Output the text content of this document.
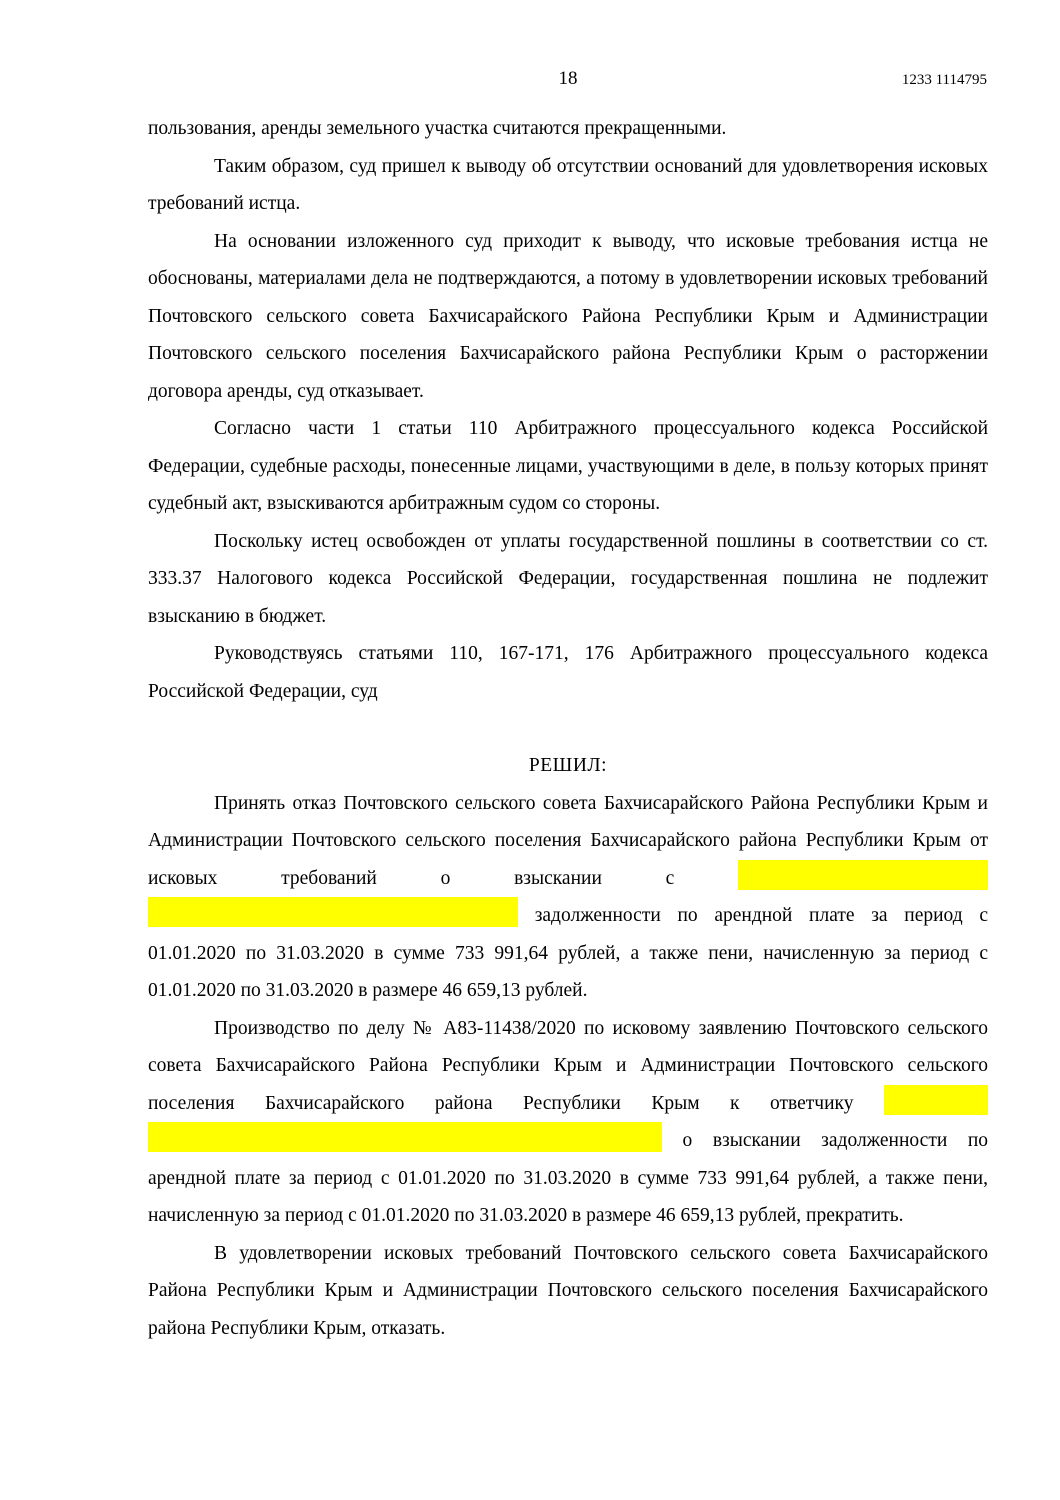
18	1233 1114795

пользования, аренды земельного участка считаются прекращенными.

Таким образом, суд пришел к выводу об отсутствии оснований для удовлетворения исковых требований истца.

На основании изложенного суд приходит к выводу, что исковые требования истца не обоснованы, материалами дела не подтверждаются, а потому в удовлетворении исковых требований Почтовского сельского совета Бахчисарайского Района Республики Крым и Администрации Почтовского сельского поселения Бахчисарайского района Республики Крым о расторжении договора аренды, суд отказывает.

Согласно части 1 статьи 110 Арбитражного процессуального кодекса Российской Федерации, судебные расходы, понесенные лицами, участвующими в деле, в пользу которых принят судебный акт, взыскиваются арбитражным судом со стороны.

Поскольку истец освобожден от уплаты государственной пошлины в соответствии со ст. 333.37 Налогового кодекса Российской Федерации, государственная пошлина не подлежит взысканию в бюджет.

Руководствуясь статьями 110, 167-171, 176 Арбитражного процессуального кодекса Российской Федерации, суд

РЕШИЛ:

Принять отказ Почтовского сельского совета Бахчисарайского Района Республики Крым и Администрации Почтовского сельского поселения Бахчисарайского района Республики Крым от исковых требований о взыскании с   задолженности по арендной плате за период с 01.01.2020 по 31.03.2020 в сумме 733 991,64 рублей, а также пени, начисленную за период с 01.01.2020 по 31.03.2020 в размере 46 659,13 рублей.

Производство по делу № А83-11438/2020 по исковому заявлению Почтовского сельского совета Бахчисарайского Района Республики Крым и Администрации Почтовского сельского поселения Бахчисарайского района Республики Крым к ответчику   о взыскании задолженности по арендной плате за период с 01.01.2020 по 31.03.2020 в сумме 733 991,64 рублей, а также пени, начисленную за период с 01.01.2020 по 31.03.2020 в размере 46 659,13 рублей, прекратить.

В удовлетворении исковых требований Почтовского сельского совета Бахчисарайского Района Республики Крым и Администрации Почтовского сельского поселения Бахчисарайского района Республики Крым, отказать.
